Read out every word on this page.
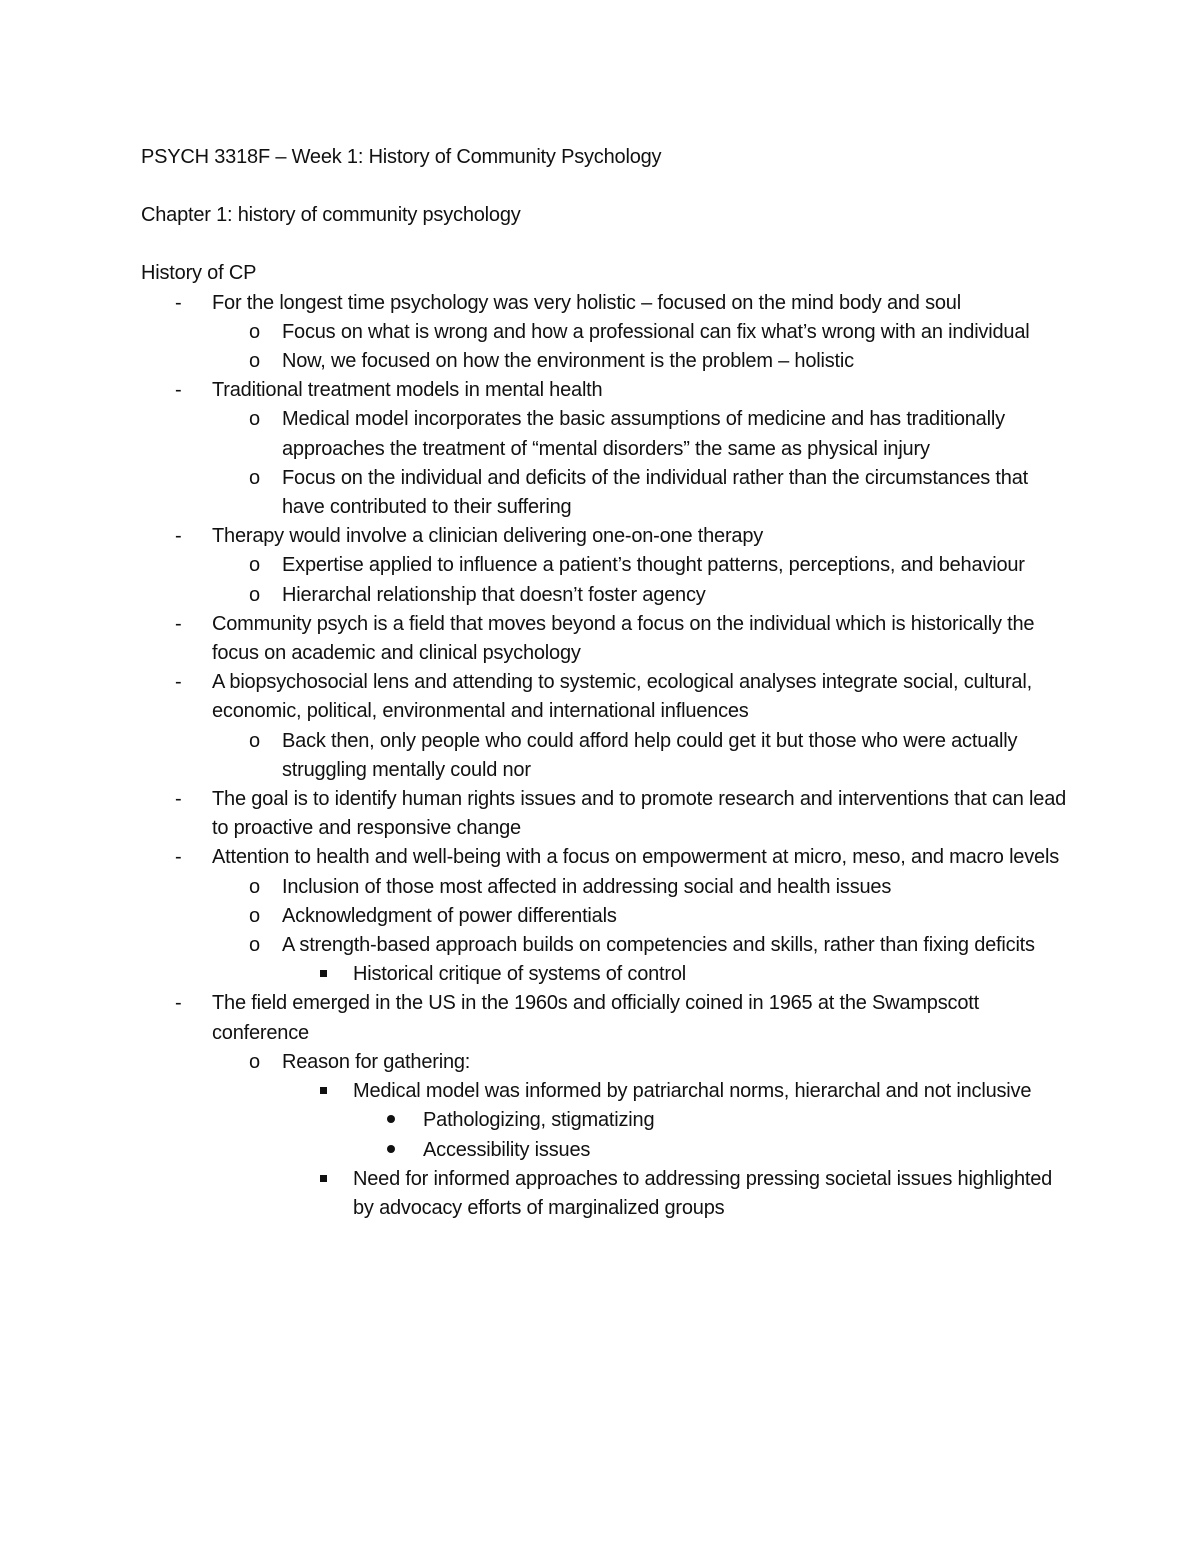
PSYCH 3318F – Week 1: History of Community Psychology

Chapter 1: history of community psychology

History of CP

-	For the longest time psychology was very holistic – focused on the mind body and soul
o	Focus on what is wrong and how a professional can fix what’s wrong with an individual
o	Now, we focused on how the environment is the problem – holistic
-	Traditional treatment models in mental health
o	Medical model incorporates the basic assumptions of medicine and has traditionally approaches the treatment of “mental disorders” the same as physical injury
o	Focus on the individual and deficits of the individual rather than the circumstances that have contributed to their suffering
-	Therapy would involve a clinician delivering one-on-one therapy
o	Expertise applied to influence a patient’s thought patterns, perceptions, and behaviour
o	Hierarchal relationship that doesn’t foster agency
-	Community psych is a field that moves beyond a focus on the individual which is historically the focus on academic and clinical psychology
-	A biopsychosocial lens and attending to systemic, ecological analyses integrate social, cultural, economic, political, environmental and international influences
o	Back then, only people who could afford help could get it but those who were actually struggling mentally could nor
-	The goal is to identify human rights issues and to promote research and interventions that can lead to proactive and responsive change
-	Attention to health and well-being with a focus on empowerment at micro, meso, and macro levels
o	Inclusion of those most affected in addressing social and health issues
o	Acknowledgment of power differentials
o	A strength-based approach builds on competencies and skills, rather than fixing deficits
Historical critique of systems of control
-	The field emerged in the US in the 1960s and officially coined in 1965 at the Swampscott conference
o	Reason for gathering:
Medical model was informed by patriarchal norms, hierarchal and not inclusive
Pathologizing, stigmatizing
Accessibility issues
Need for informed approaches to addressing pressing societal issues highlighted by advocacy efforts of marginalized groups
